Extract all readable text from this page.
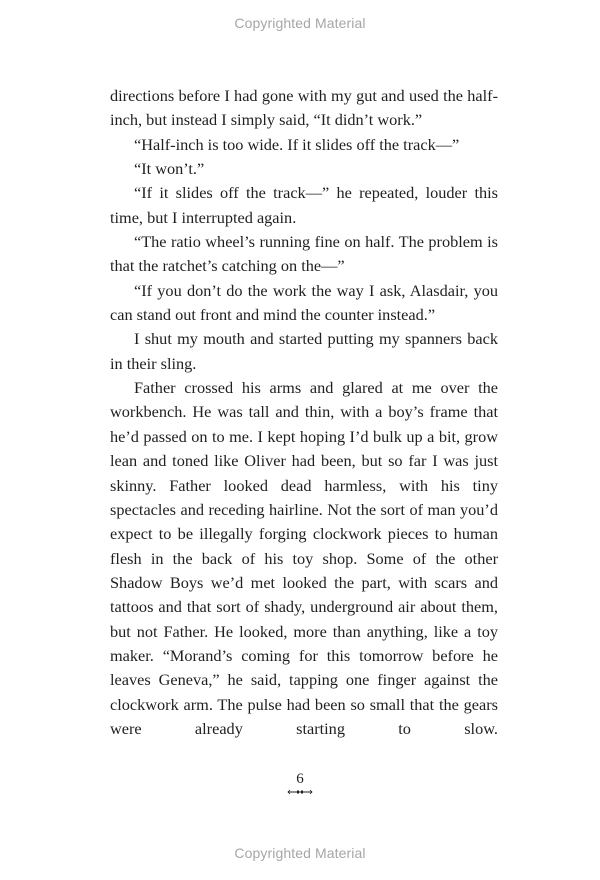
Copyrighted Material

directions before I had gone with my gut and used the half-inch, but instead I simply said, “It didn’t work.”

“Half-inch is too wide. If it slides off the track—”

“It won’t.”

“If it slides off the track—” he repeated, louder this time, but I interrupted again.

“The ratio wheel’s running fine on half. The problem is that the ratchet’s catching on the—”

“If you don’t do the work the way I ask, Alasdair, you can stand out front and mind the counter instead.”

I shut my mouth and started putting my spanners back in their sling.

Father crossed his arms and glared at me over the workbench. He was tall and thin, with a boy’s frame that he’d passed on to me. I kept hoping I’d bulk up a bit, grow lean and toned like Oliver had been, but so far I was just skinny. Father looked dead harmless, with his tiny spectacles and receding hairline. Not the sort of man you’d expect to be illegally forging clockwork pieces to human flesh in the back of his toy shop. Some of the other Shadow Boys we’d met looked the part, with scars and tattoos and that sort of shady, underground air about them, but not Father. He looked, more than anything, like a toy maker. “Morand’s coming for this tomorrow before he leaves Geneva,” he said, tapping one finger against the clockwork arm. The pulse had been so small that the gears were already starting to slow.

6
Copyrighted Material
